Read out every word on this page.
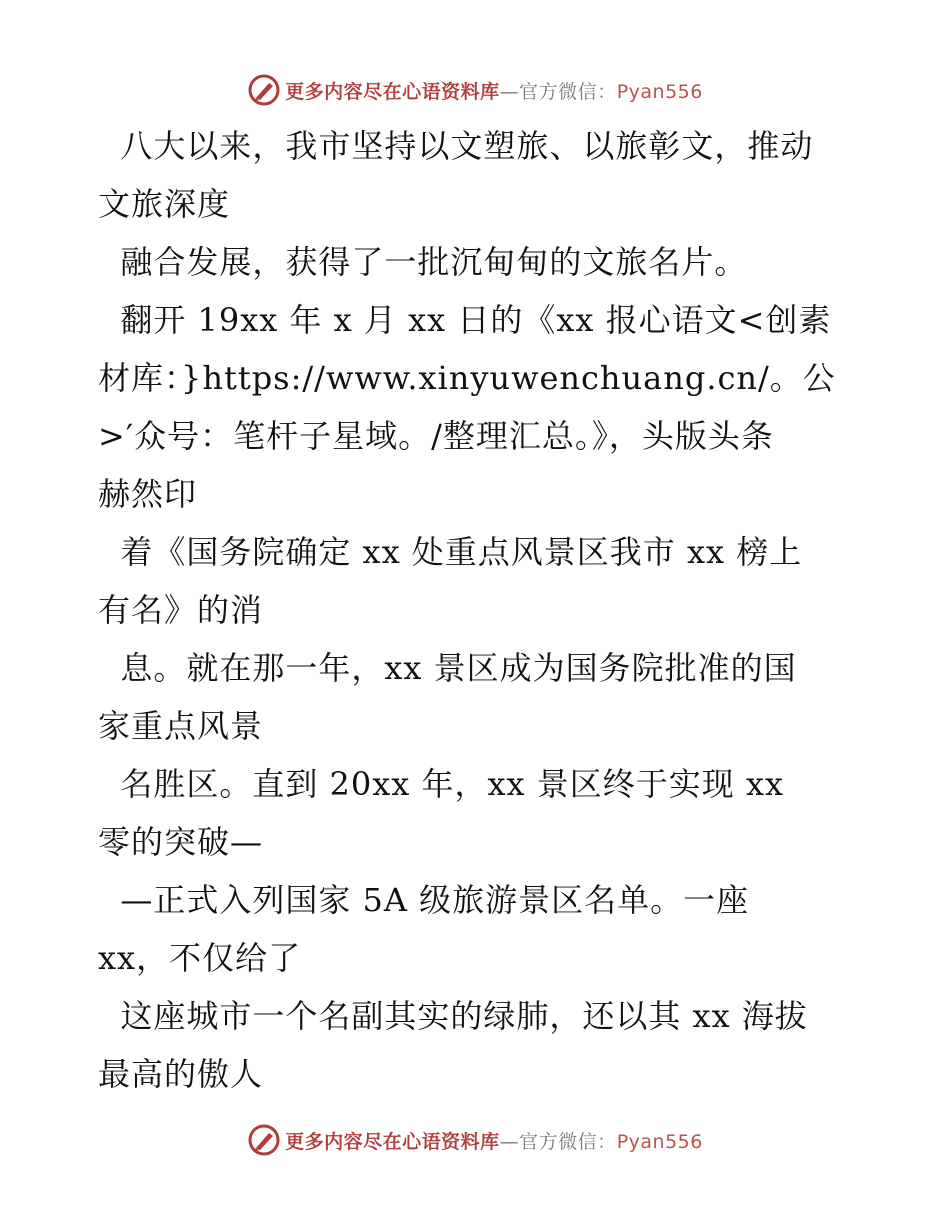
更多内容尽在心语资料库—官方微信：Pyan556
八大以来，我市坚持以文塑旅、以旅彰文，推动
文旅深度
融合发展，获得了一批沉甸甸的文旅名片。
翻开 19xx 年 x 月 xx 日的《xx 报心语文<创素
材库：}https://www.xinyuwenchuang.cn/。公
>′众号：笔杆子星域。/整理汇总。》，头版头条
赫然印
着《国务院确定 xx 处重点风景区我市 xx 榜上
有名》的消
息。就在那一年，xx 景区成为国务院批准的国
家重点风景
名胜区。直到 20xx 年，xx 景区终于实现 xx
零的突破—
—正式入列国家 5A 级旅游景区名单。一座
xx，不仅给了
这座城市一个名副其实的绿肺，还以其 xx 海拔
最高的傲人
更多内容尽在心语资料库—官方微信：Pyan556
